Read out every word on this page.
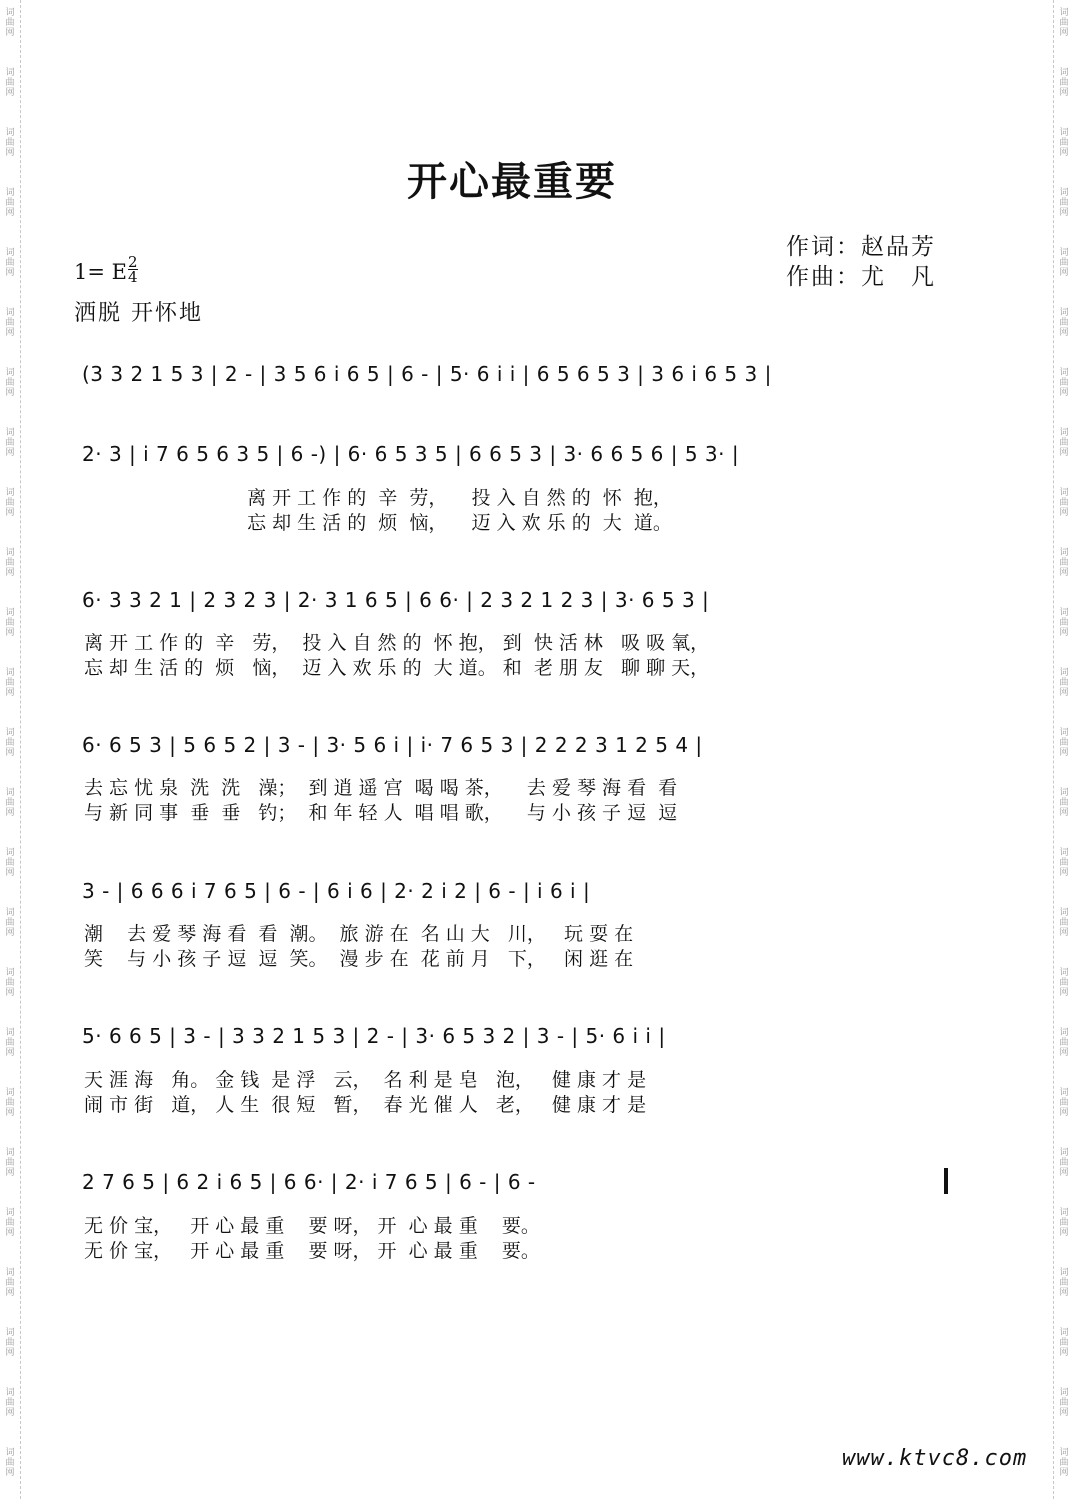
词
曲
网
词
曲
网
词
曲
网
词
曲
网
词
曲
网
词
曲
网
词
曲
网
词
曲
网
词
曲
网
词
曲
网
词
曲
网
词
曲
网
词
曲
网
词
曲
网
词
曲
网
词
曲
网
词
曲
网
词
曲
网
词
曲
网
词
曲
网
词
曲
网
词
曲
网
词
曲
网
词
曲
网
词
曲
网
词
曲
网
词
曲
网
词
曲
网
词
曲
网
词
曲
网
词
曲
网
词
曲
网
词
曲
网
词
曲
网
词
曲
网
词
曲
网
词
曲
网
词
曲
网
词
曲
网
词
曲
网
词
曲
网
词
曲
网
词
曲
网
词
曲
网
词
曲
网
词
曲
网
词
曲
网
词
曲
网
词
曲
网
词
曲
网
开心最重要
作词：赵品芳
作曲：尤　凡
1= E $\frac{2}{4}$
洒脱 开怀地
(3 3 2 1 5 3 | 2 - | 3 5 6 i 6 5 | 6 - | 5· 6 i i | 6 5 6 5 3 | 3 6 i 6 5 3 |
2· 3 | i 7 6 5 6 3 5 | 6 -) | 6· 6 5 3 5 | 6 6 5 3 | 3· 6 6 5 6 | 5 3· |
离 开 工 作 的  辛  劳，    投 入 自 然 的  怀  抱，
忘 却 生 活 的  烦  恼，    迈 入 欢 乐 的  大  道。
6· 3 3 2 1 | 2 3 2 3 | 2· 3 1 6 5 | 6 6· | 2 3 2 1 2 3 | 3· 6 5 3 |
离 开 工 作 的  辛   劳，  投 入 自 然 的  怀 抱， 到  快 活 林   吸 吸 氧，
忘 却 生 活 的  烦   恼，  迈 入 欢 乐 的  大 道。 和  老 朋 友   聊 聊 天，
6· 6 5 3 | 5 6 5 2 | 3 - | 3· 5 6 i | i· 7 6 5 3 | 2 2 2 3 1 2 5 4 |
去 忘 忧 泉  洗  洗   澡；  到 逍 遥 宫  喝 喝 茶，    去 爱 琴 海 看  看
与 新 同 事  垂  垂   钓；  和 年 轻 人  唱 唱 歌，    与 小 孩 子 逗  逗
3 - | 6 6 6 i 7 6 5 | 6 - | 6 i 6 | 2· 2 i 2 | 6 - | i 6 i |
潮    去 爱 琴 海 看  看  潮。  旅 游 在  名 山 大   川，   玩 耍 在
笑    与 小 孩 子 逗  逗  笑。  漫 步 在  花 前 月   下，   闲 逛 在
5· 6 6 5 | 3 - | 3 3 2 1 5 3 | 2 - | 3· 6 5 3 2 | 3 - | 5· 6 i i |
天 涯 海   角。 金 钱  是 浮   云，  名 利 是 皂   泡，   健 康 才 是
闹 市 街   道， 人 生  很 短   暂，  春 光 催 人   老，   健 康 才 是
2 7 6 5 | 6 2 i 6 5 | 6 6· | 2· i 7 6 5 | 6 - | 6 -
无 价 宝，   开 心 最 重    要 呀， 开  心 最 重    要。
无 价 宝，   开 心 最 重    要 呀， 开  心 最 重    要。
www.ktvc8.com
